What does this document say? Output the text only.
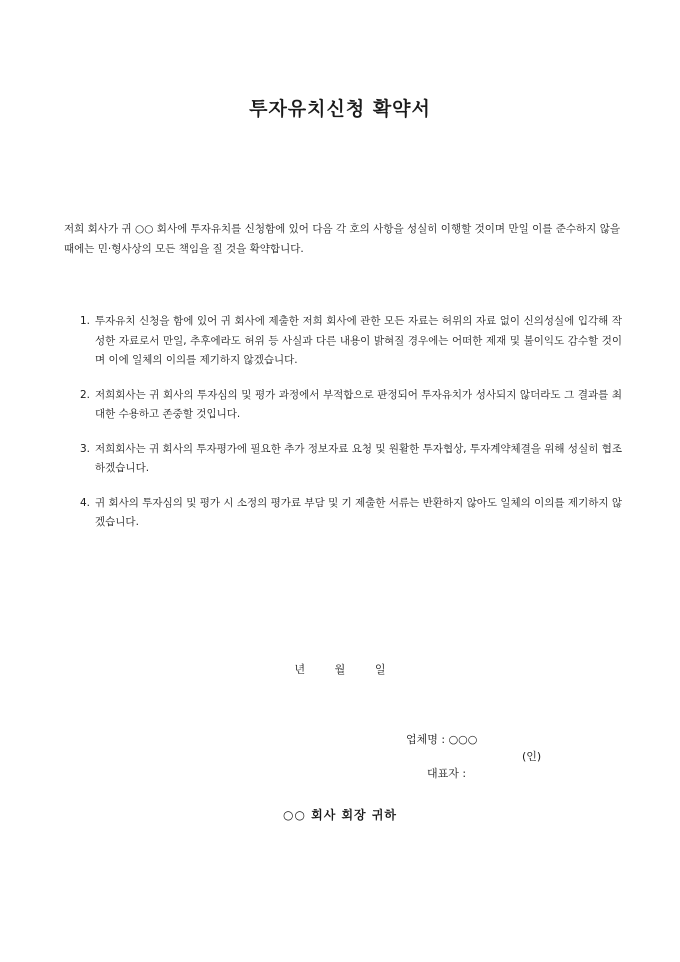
투자유치신청 확약서
저희 회사가 귀 ○○ 회사에 투자유치를 신청함에 있어 다음 각 호의 사항을 성실히 이행할 것이며 만일 이를 준수하지 않을 때에는 민·형사상의 모든 책임을 질 것을 확약합니다.
1. 투자유치 신청을 함에 있어 귀 회사에 제출한 저희 회사에 관한 모든 자료는 허위의 자료 없이 신의성실에 입각해 작성한 자료로서 만일, 추후에라도 허위 등 사실과 다른 내용이 밝혀질 경우에는 어떠한 제재 및 불이익도 감수할 것이며 이에 일체의 이의를 제기하지 않겠습니다.
2. 저희회사는 귀 회사의 투자심의 및 평가 과정에서 부적합으로 판정되어 투자유치가 성사되지 않더라도 그 결과를 최대한 수용하고 존중할 것입니다.
3. 저희회사는 귀 회사의 투자평가에 필요한 추가 정보자료 요청 및 원활한 투자협상, 투자계약체결을 위해 성실히 협조하겠습니다.
4. 귀 회사의 투자심의 및 평가 시 소정의 평가료 부담 및 기 제출한 서류는 반환하지 않아도 일체의 이의를 제기하지 않겠습니다.
년	월	일
업체명 : ○○○

대표자 :

(인)

○○ 회사 회장 귀하
